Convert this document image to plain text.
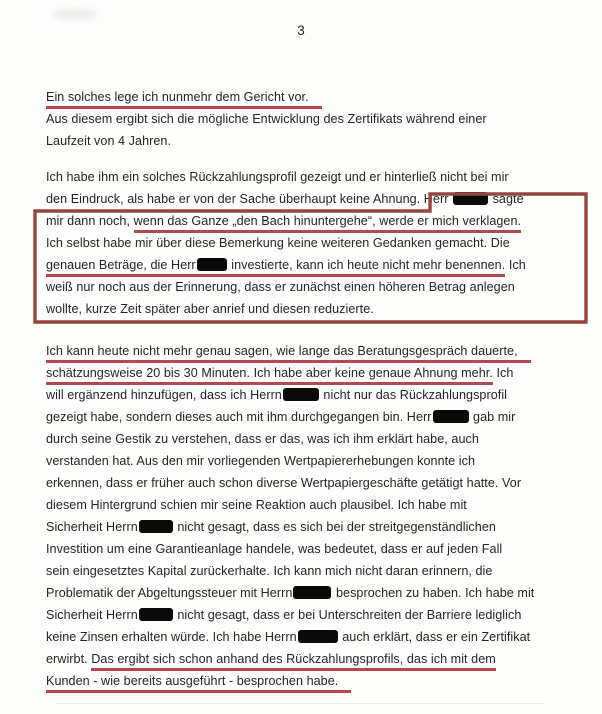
3
Ein solches lege ich nunmehr dem Gericht vor.
Aus diesem ergibt sich die mögliche Entwicklung des Zertifikats während einer
Laufzeit von 4 Jahren.
Ich habe ihm ein solches Rückzahlungsprofil gezeigt und er hinterließ nicht bei mir
den Eindruck, als habe er von der Sache überhaupt keine Ahnung. Herr	sagte
mir dann noch, wenn das Ganze „den Bach hinuntergehe“, werde er mich verklagen.
Ich selbst habe mir über diese Bemerkung keine weiteren Gedanken gemacht. Die
genauen Beträge, die Herr	investierte, kann ich heute nicht mehr benennen. Ich
weiß nur noch aus der Erinnerung, dass er zunächst einen höheren Betrag anlegen
wollte, kurze Zeit später aber anrief und diesen reduzierte.
Ich kann heute nicht mehr genau sagen, wie lange das Beratungsgespräch dauerte,
schätzungsweise 20 bis 30 Minuten. Ich habe aber keine genaue Ahnung mehr. Ich
will ergänzend hinzufügen, dass ich Herrn	nicht nur das Rückzahlungsprofil
gezeigt habe, sondern dieses auch mit ihm durchgegangen bin. Herr	gab mir
durch seine Gestik zu verstehen, dass er das, was ich ihm erklärt habe, auch
verstanden hat. Aus den mir vorliegenden Wertpapiererhebungen konnte ich
erkennen, dass er früher auch schon diverse Wertpapiergeschäfte getätigt hatte. Vor
diesem Hintergrund schien mir seine Reaktion auch plausibel. Ich habe mit
Sicherheit Herrn	nicht gesagt, dass es sich bei der streitgegenständlichen
Investition um eine Garantieanlage handele, was bedeutet, dass er auf jeden Fall
sein eingesetztes Kapital zurückerhalte. Ich kann mich nicht daran erinnern, die
Problematik der Abgeltungssteuer mit Herrn	besprochen zu haben. Ich habe mit
Sicherheit Herrn	nicht gesagt, dass er bei Unterschreiten der Barriere lediglich
keine Zinsen erhalten würde. Ich habe Herrn	auch erklärt, dass er ein Zertifikat
erwirbt. Das ergibt sich schon anhand des Rückzahlungsprofils, das ich mit dem
Kunden - wie bereits ausgeführt - besprochen habe.
